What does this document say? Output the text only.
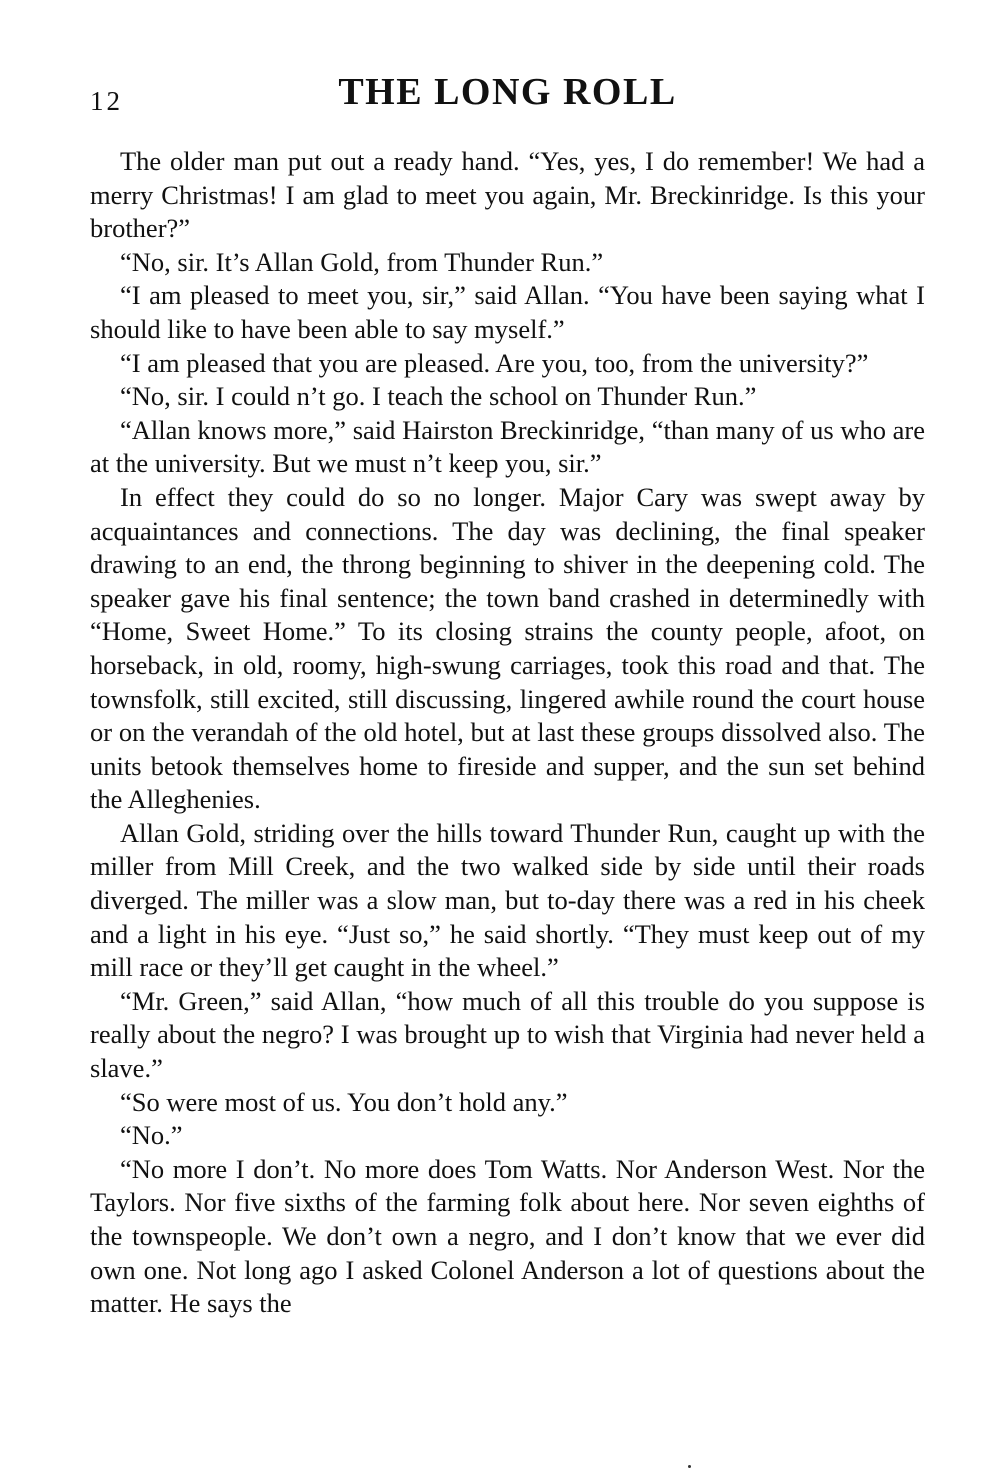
12	THE LONG ROLL

The older man put out a ready hand. “Yes, yes, I do remember! We had a merry Christmas! I am glad to meet you again, Mr. Breckinridge. Is this your brother?”

“No, sir. It’s Allan Gold, from Thunder Run.”

“I am pleased to meet you, sir,” said Allan. “You have been saying what I should like to have been able to say myself.”

“I am pleased that you are pleased. Are you, too, from the university?”

“No, sir. I could n’t go. I teach the school on Thunder Run.”

“Allan knows more,” said Hairston Breckinridge, “than many of us who are at the university. But we must n’t keep you, sir.”

In effect they could do so no longer. Major Cary was swept away by acquaintances and connections. The day was declining, the final speaker drawing to an end, the throng beginning to shiver in the deepening cold. The speaker gave his final sentence; the town band crashed in determinedly with “Home, Sweet Home.” To its closing strains the county people, afoot, on horseback, in old, roomy, high-swung carriages, took this road and that. The townsfolk, still excited, still discussing, lingered awhile round the court house or on the verandah of the old hotel, but at last these groups dissolved also. The units betook themselves home to fireside and supper, and the sun set behind the Alleghenies.

Allan Gold, striding over the hills toward Thunder Run, caught up with the miller from Mill Creek, and the two walked side by side until their roads diverged. The miller was a slow man, but to-day there was a red in his cheek and a light in his eye. “Just so,” he said shortly. “They must keep out of my mill race or they’ll get caught in the wheel.”

“Mr. Green,” said Allan, “how much of all this trouble do you suppose is really about the negro? I was brought up to wish that Virginia had never held a slave.”

“So were most of us. You don’t hold any.”

“No.”

“No more I don’t. No more does Tom Watts. Nor Anderson West. Nor the Taylors. Nor five sixths of the farming folk about here. Nor seven eighths of the townspeople. We don’t own a negro, and I don’t know that we ever did own one. Not long ago I asked Colonel Anderson a lot of questions about the matter. He says the
